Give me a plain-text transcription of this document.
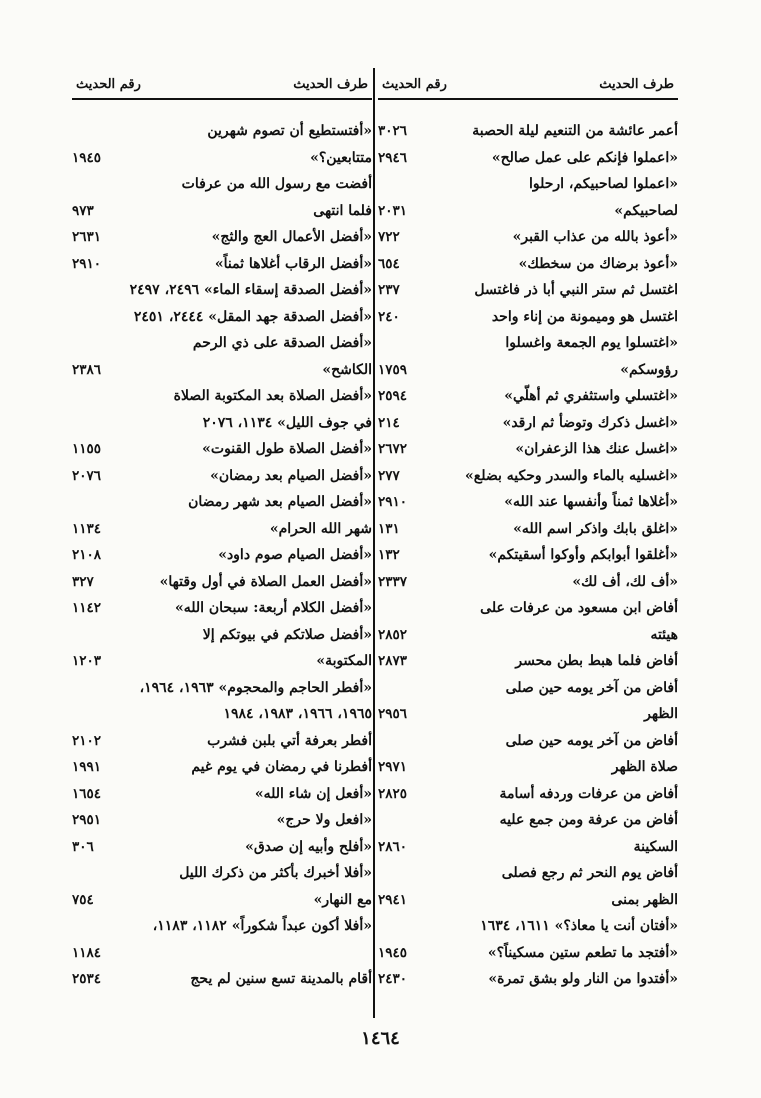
طرف الحديث
رقم الحديث
أعمر عائشة من التنعيم ليلة الحصبة
٣٠٢٦
«اعملوا فإنكم على عمل صالح»
٢٩٤٦
«اعملوا لصاحبيكم، ارحلوا
لصاحبيكم»
٢٠٣١
«أعوذ بالله من عذاب القبر»
٧٢٢
«أعوذ برضاك من سخطك»
٦٥٤
اغتسل ثم ستر النبي أبا ذر فاغتسل
٢٣٧
اغتسل هو وميمونة من إناء واحد
٢٤٠
«اغتسلوا يوم الجمعة واغسلوا
رؤوسكم»
١٧٥٩
«اغتسلي واستثفري ثم أهلّي»
٢٥٩٤
«اغسل ذكرك وتوضأ ثم ارقد»
٢١٤
«اغسل عنك هذا الزعفران»
٢٦٧٢
«اغسليه بالماء والسدر وحكيه بضلع»
٢٧٧
«أغلاها ثمناً وأنفسها عند الله»
٢٩١٠
«اغلق بابك واذكر اسم الله»
١٣١
«أغلقوا أبوابكم وأوكوا أسقيتكم»
١٣٢
«أف لك، أف لك»
٢٣٣٧
أفاض ابن مسعود من عرفات على
هيئته
٢٨٥٢
أفاض فلما هبط بطن محسر
٢٨٧٣
أفاض من آخر يومه حين صلى
الظهر
٢٩٥٦
أفاض من آخر يومه حين صلى
صلاة الظهر
٢٩٧١
أفاض من عرفات وردفه أسامة
٢٨٢٥
أفاض من عرفة ومن جمع عليه
السكينة
٢٨٦٠
أفاض يوم النحر ثم رجع فصلى
الظهر بمنى
٢٩٤١
«أفتان أنت يا معاذ؟» ١٦١١، ١٦٣٤
«أفتجد ما تطعم ستين مسكيناً؟»
١٩٤٥
«أفتدوا من النار ولو بشق تمرة»
٢٤٣٠
طرف الحديث
رقم الحديث
«أفتستطيع أن تصوم شهرين
متتابعين؟»
١٩٤٥
أفضت مع رسول الله من عرفات
فلما انتهى
٩٧٣
«أفضل الأعمال العج والثج»
٢٦٣١
«أفضل الرقاب أغلاها ثمناً»
٢٩١٠
«أفضل الصدقة إسقاء الماء» ٢٤٩٦، ٢٤٩٧
«أفضل الصدقة جهد المقل» ٢٤٤٤، ٢٤٥١
«أفضل الصدقة على ذي الرحم
الكاشح»
٢٣٨٦
«أفضل الصلاة بعد المكتوبة الصلاة
في جوف الليل» ١١٣٤، ٢٠٧٦
«أفضل الصلاة طول القنوت»
١١٥٥
«أفضل الصيام بعد رمضان»
٢٠٧٦
«أفضل الصيام بعد شهر رمضان
شهر الله الحرام»
١١٣٤
«أفضل الصيام صوم داود»
٢١٠٨
«أفضل العمل الصلاة في أول وقتها»
٣٢٧
«أفضل الكلام أربعة: سبحان الله»
١١٤٢
«أفضل صلاتكم في بيوتكم إلا
المكتوبة»
١٢٠٣
«أفطر الحاجم والمحجوم» ١٩٦٣، ١٩٦٤،
١٩٦٥، ١٩٦٦، ١٩٨٣، ١٩٨٤
أفطر بعرفة أتي بلبن فشرب
٢١٠٢
أفطرنا في رمضان في يوم غيم
١٩٩١
«أفعل إن شاء الله»
١٦٥٤
«افعل ولا حرج»
٢٩٥١
«أفلح وأبيه إن صدق»
٣٠٦
«أفلا أخبرك بأكثر من ذكرك الليل
مع النهار»
٧٥٤
«أفلا أكون عبداً شكوراً» ١١٨٢، ١١٨٣،
١١٨٤
أقام بالمدينة تسع سنين لم يحج
٢٥٣٤
١٤٦٤
